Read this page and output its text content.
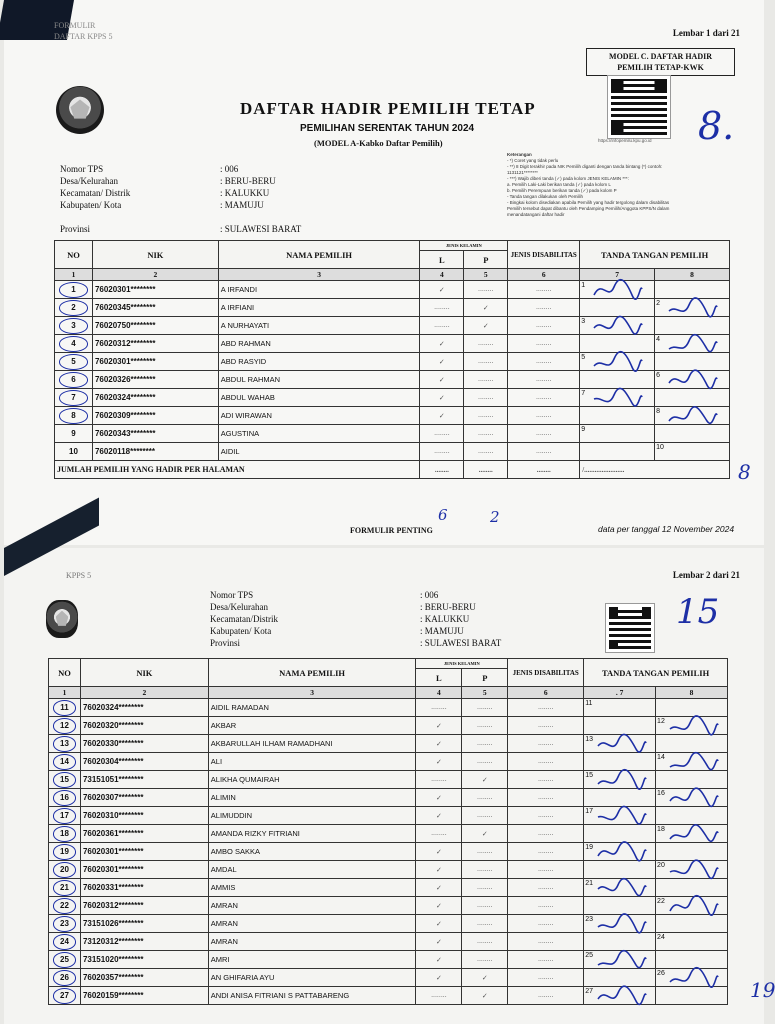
FORMULIR
DAFTAR KPPS 5	Lembar 1 dari 21
MODEL C. DAFTAR HADIR
PEMILIH TETAP-KWK
DAFTAR HADIR PEMILIH TETAP
PEMILIHAN SERENTAK TAHUN 2024
(MODEL A-Kabko Daftar Pemilih)	https://infopemilu.kpu.go.id 8.
Nomor TPS	: 006
Desa/Kelurahan	: BERU-BERU
Kecamatan/ Distrik	: KALUKKU
Kabupaten/ Kota	: MAMUJU
Provinsi	: SULAWESI BARAT
Keterangan
- *) Coret yang tidak perlu
- **) 8 Digit terakhir pada NIK Pemilih diganti dengan tanda bintang (*) contoh:
1131121********
- ***) Wajib diberi tanda (✓) pada kolom JENIS KELAMIN ***:
a. Pemilih Laki-Laki berikan tanda (✓) pada kolom L
b. Pemilih Perempuan berikan tanda (✓) pada kolom P
- Tanda tangan dilakukan oleh Pemilih
- Bingkai kolom disediakan apabila Pemilih yang hadir tergolong dalam disabilitas
Pemilih tersebut dapat dibantu oleh Pendamping Pemilih/Anggota KPPS/N dalam
menandatangani daftar hadir
NO	NIK	NAMA PEMILIH	JENIS KELAMIN		JENIS DISABILITAS	TANDA TANGAN PEMILIH	
			L	P			
1	2	3	4	5	6	7	8
1	76020301********	A IRFANDI	✓	........	........	1	

2	76020345********	A IRFIANI	........	✓	........		2

3	76020750********	A NURHAYATI	........	✓	........	3	

4	76020312********	ABD RAHMAN	✓	........	........		4

5	76020301********	ABD RASYID	✓	........	........	5	

6	76020326********	ABDUL RAHMAN	✓	........	........		6

7	76020324********	ABDUL WAHAB	✓	........	........	7	

8	76020309********	ADI WIRAWAN	✓	........	........		8

9	76020343********	AGUSTINA	........	........	........	9	

10	76020118********	AIDIL	........	........	........		10

JUMLAH PEMILIH YANG HADIR PER HALAMAN			........	........	........	/.......................	
6	2
8
FORMULIR PENTING	data per tanggal 12 November 2024
KPPS 5	Lembar 2 dari 21
Nomor TPS	: 006
Desa/Kelurahan	: BERU-BERU
Kecamatan/Distrik	: KALUKKU
Kabupaten/ Kota	: MAMUJU
Provinsi	: SULAWESI BARAT
15
19
NO	NIK	NAMA PEMILIH	JENIS KELAMIN		JENIS DISABILITAS	TANDA TANGAN PEMILIH	
			L	P			
1	2	3	4	5	6	. 7	8
11	76020324********	AIDIL RAMADAN	........	........	........	11	

12	76020320********	AKBAR	✓	........	........		12

13	76020330********	AKBARULLAH ILHAM RAMADHANI	✓	........	........	13	

14	76020304********	ALI	✓	........	........		14

15	73151051********	ALIKHA QUMAIRAH	........	✓	........	15	

16	76020307********	ALIMIN	✓	........	........		16

17	76020310********	ALIMUDDIN	✓	........	........	17	

18	76020361********	AMANDA RIZKY FITRIANI	........	✓	........		18

19	76020301********	AMBO SAKKA	✓	........	........	19	

20	76020301********	AMDAL	✓	........	........		20

21	76020331********	AMMIS	✓	........	........	21	

22	76020312********	AMRAN	✓	........	........		22

23	73151026********	AMRAN	✓	........	........	23	

24	73120312********	AMRAN	✓	........	........		24

25	73151020********	AMRI	✓	........	........	25	

26	76020357********	AN GHIFARIA AYU	✓	✓	........		26

27	76020159********	ANDI ANISA FITRIANI S PATTABARENG	........	✓	........	27	
